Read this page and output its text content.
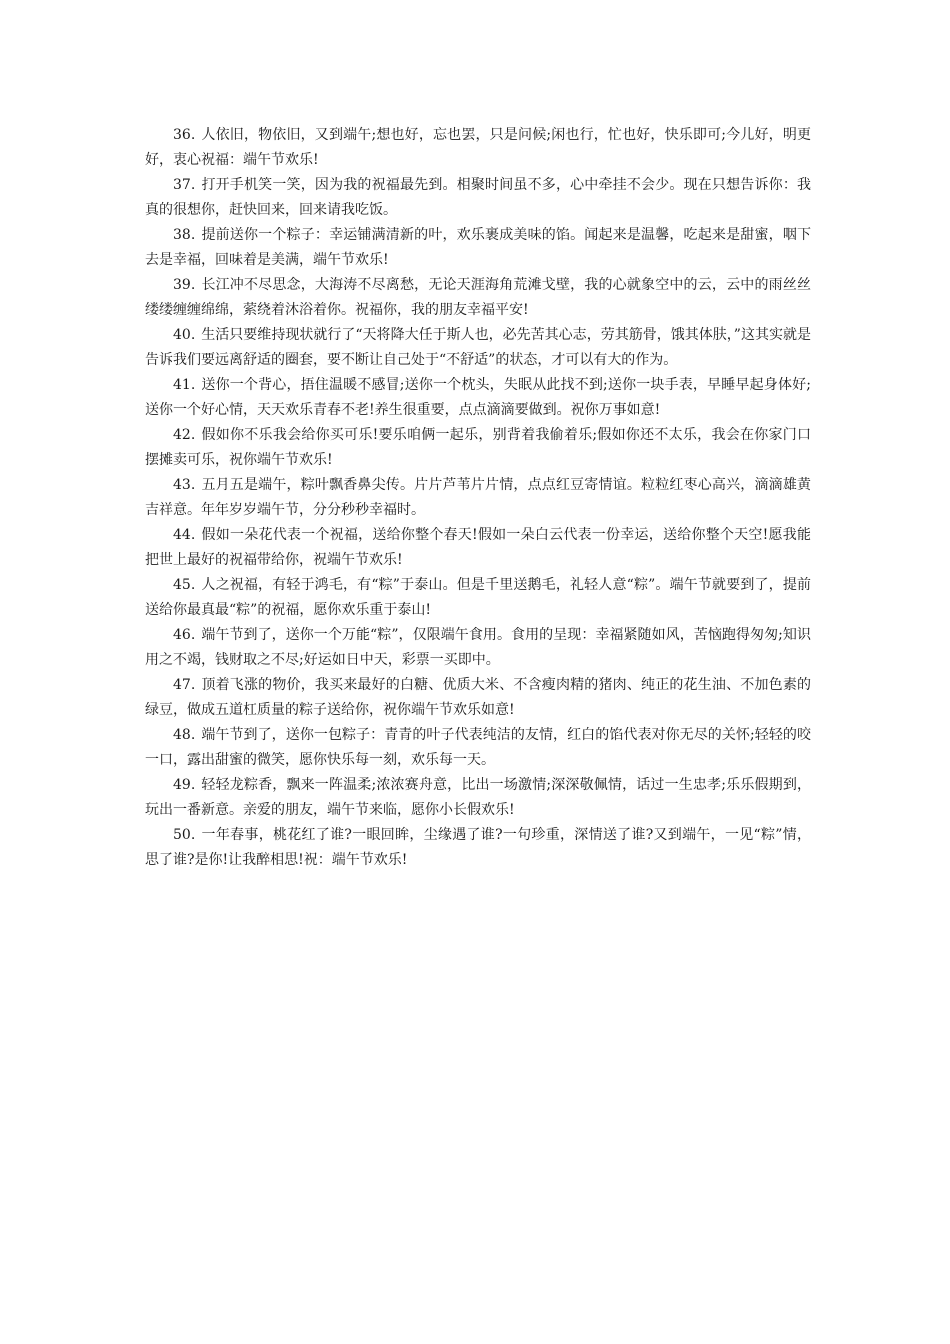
36. 人依旧，物依旧，又到端午;想也好，忘也罢，只是问候;闲也行，忙也好，快乐即可;今儿好，明更好，衷心祝福：端午节欢乐!

37. 打开手机笑一笑，因为我的祝福最先到。相聚时间虽不多，心中牵挂不会少。现在只想告诉你：我真的很想你，赶快回来，回来请我吃饭。

38. 提前送你一个粽子：幸运铺满清新的叶，欢乐裹成美味的馅。闻起来是温馨，吃起来是甜蜜，咽下去是幸福，回味着是美满，端午节欢乐!

39. 长江冲不尽思念，大海涛不尽离愁，无论天涯海角荒滩戈壁，我的心就象空中的云，云中的雨丝丝缕缕缠缠绵绵，萦绕着沐浴着你。祝福你，我的朋友幸福平安!

40. 生活只要维持现状就行了“天将降大任于斯人也，必先苦其心志，劳其筋骨，饿其体肤，”这其实就是告诉我们要远离舒适的圈套，要不断让自己处于“不舒适”的状态，才可以有大的作为。

41. 送你一个背心，捂住温暖不感冒;送你一个枕头，失眠从此找不到;送你一块手表，早睡早起身体好;送你一个好心情，天天欢乐青春不老!养生很重要，点点滴滴要做到。祝你万事如意!

42. 假如你不乐我会给你买可乐!要乐咱俩一起乐，别背着我偷着乐;假如你还不太乐，我会在你家门口摆摊卖可乐，祝你端午节欢乐!

43. 五月五是端午，粽叶飘香鼻尖传。片片芦苇片片情，点点红豆寄情谊。粒粒红枣心高兴，滴滴雄黄吉祥意。年年岁岁端午节，分分秒秒幸福时。

44. 假如一朵花代表一个祝福，送给你整个春天!假如一朵白云代表一份幸运，送给你整个天空!愿我能把世上最好的祝福带给你，祝端午节欢乐!

45. 人之祝福，有轻于鸿毛，有“粽”于泰山。但是千里送鹅毛，礼轻人意“粽”。端午节就要到了，提前送给你最真最“粽”的祝福，愿你欢乐重于泰山!

46. 端午节到了，送你一个万能“粽”，仅限端午食用。食用的呈现：幸福紧随如风，苦恼跑得匆匆;知识用之不竭，钱财取之不尽;好运如日中天，彩票一买即中。

47. 顶着飞涨的物价，我买来最好的白糖、优质大米、不含瘦肉精的猪肉、纯正的花生油、不加色素的绿豆，做成五道杠质量的粽子送给你，祝你端午节欢乐如意!

48. 端午节到了，送你一包粽子：青青的叶子代表纯洁的友情，红白的馅代表对你无尽的关怀;轻轻的咬一口，露出甜蜜的微笑，愿你快乐每一刻，欢乐每一天。

49. 轻轻龙粽香，飘来一阵温柔;浓浓赛舟意，比出一场激情;深深敬佩情，话过一生忠孝;乐乐假期到，玩出一番新意。亲爱的朋友，端午节来临，愿你小长假欢乐!

50. 一年春事，桃花红了谁?一眼回眸，尘缘遇了谁?一句珍重，深情送了谁?又到端午，一见“粽”情，思了谁?是你!让我醉相思!祝：端午节欢乐!
